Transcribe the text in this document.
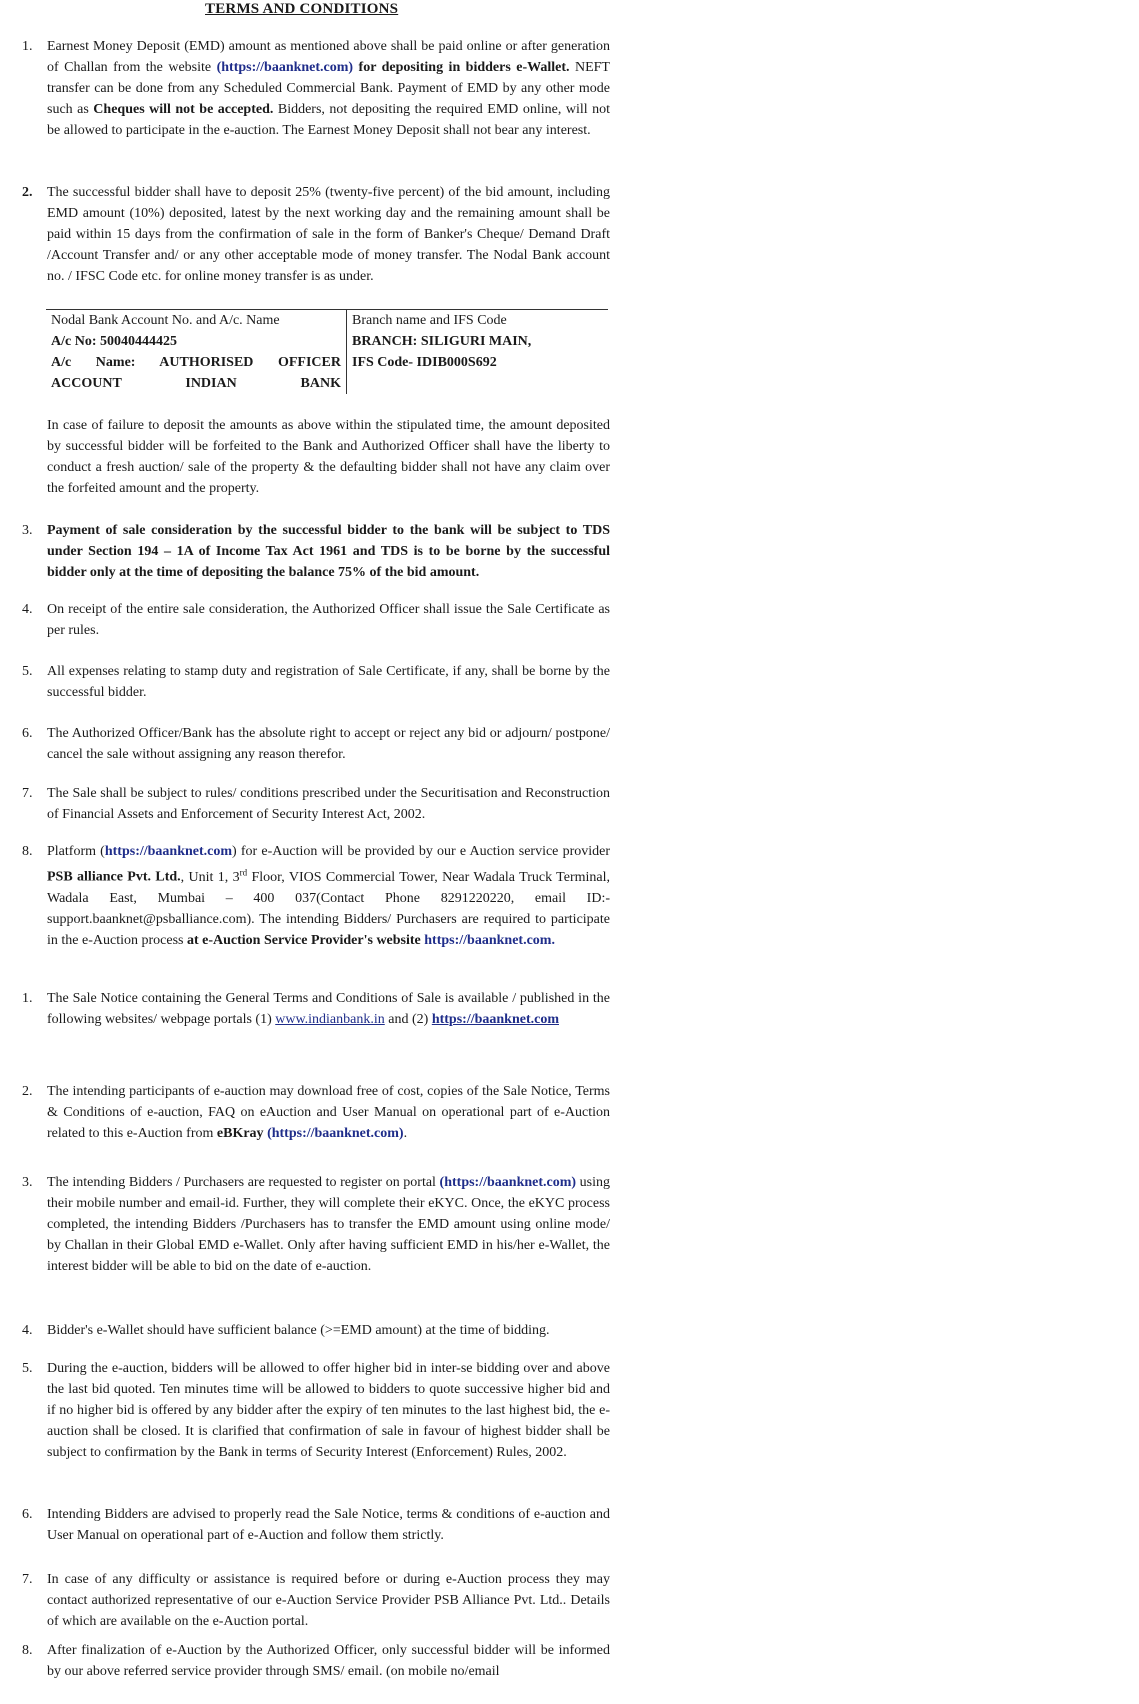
TERMS AND CONDITIONS
1.	Earnest Money Deposit (EMD) amount as mentioned above shall be paid online or after generation of Challan from the website (https://baanknet.com) for depositing in bidders e-Wallet. NEFT transfer can be done from any Scheduled Commercial Bank. Payment of EMD by any other mode such as Cheques will not be accepted. Bidders, not depositing the required EMD online, will not be allowed to participate in the e-auction. The Earnest Money Deposit shall not bear any interest.
2.	The successful bidder shall have to deposit 25% (twenty-five percent) of the bid amount, including EMD amount (10%) deposited, latest by the next working day and the remaining amount shall be paid within 15 days from the confirmation of sale in the form of Banker's Cheque/ Demand Draft /Account Transfer and/ or any other acceptable mode of money transfer. The Nodal Bank account no. / IFSC Code etc. for online money transfer is as under.
3.	Payment of sale consideration by the successful bidder to the bank will be subject to TDS under Section 194 – 1A of Income Tax Act 1961 and TDS is to be borne by the successful bidder only at the time of depositing the balance 75% of the bid amount.
4.	On receipt of the entire sale consideration, the Authorized Officer shall issue the Sale Certificate as per rules.
5.	All expenses relating to stamp duty and registration of Sale Certificate, if any, shall be borne by the successful bidder.
6.	The Authorized Officer/Bank has the absolute right to accept or reject any bid or adjourn/ postpone/ cancel the sale without assigning any reason therefor.
7.	The Sale shall be subject to rules/ conditions prescribed under the Securitisation and Reconstruction of Financial Assets and Enforcement of Security Interest Act, 2002.
8.	Platform (https://baanknet.com) for e-Auction will be provided by our e Auction service provider PSB alliance Pvt. Ltd., Unit 1, 3rd Floor, VIOS Commercial Tower, Near Wadala Truck Terminal, Wadala East, Mumbai – 400 037(Contact Phone 8291220220, email ID:-support.baanknet@psballiance.com). The intending Bidders/ Purchasers are required to participate in the e-Auction process at e-Auction Service Provider's website https://baanknet.com.
1.	The Sale Notice containing the General Terms and Conditions of Sale is available / published in the following websites/ webpage portals (1) www.indianbank.in and (2) https://baanknet.com
2.	The intending participants of e-auction may download free of cost, copies of the Sale Notice, Terms & Conditions of e-auction, FAQ on eAuction and User Manual on operational part of e-Auction related to this e-Auction from eBKray (https://baanknet.com).
3.	The intending Bidders / Purchasers are requested to register on portal (https://baanknet.com) using their mobile number and email-id. Further, they will complete their eKYC. Once, the eKYC process completed, the intending Bidders /Purchasers has to transfer the EMD amount using online mode/ by Challan in their Global EMD e-Wallet. Only after having sufficient EMD in his/her e-Wallet, the interest bidder will be able to bid on the date of e-auction.
4.	Bidder's e-Wallet should have sufficient balance (>=EMD amount) at the time of bidding.
5.	During the e-auction, bidders will be allowed to offer higher bid in inter-se bidding over and above the last bid quoted. Ten minutes time will be allowed to bidders to quote successive higher bid and if no higher bid is offered by any bidder after the expiry of ten minutes to the last highest bid, the e-auction shall be closed. It is clarified that confirmation of sale in favour of highest bidder shall be subject to confirmation by the Bank in terms of Security Interest (Enforcement) Rules, 2002.
6.	Intending Bidders are advised to properly read the Sale Notice, terms & conditions of e-auction and User Manual on operational part of e-Auction and follow them strictly.
7.	In case of any difficulty or assistance is required before or during e-Auction process they may contact authorized representative of our e-Auction Service Provider PSB Alliance Pvt. Ltd.. Details of which are available on the e-Auction portal.
8.	After finalization of e-Auction by the Authorized Officer, only successful bidder will be informed by our above referred service provider through SMS/ email. (on mobile no/email
Nodal Bank Account No. and A/c. Name	Branch name and IFS Code
A/c No: 50040444425	BRANCH: SILIGURI MAIN,
A/c Name: AUTHORISED OFFICER ACCOUNT INDIAN BANK	IFS Code- IDIB000S692
In case of failure to deposit the amounts as above within the stipulated time, the amount deposited by successful bidder will be forfeited to the Bank and Authorized Officer shall have the liberty to conduct a fresh auction/ sale of the property & the defaulting bidder shall not have any claim over the forfeited amount and the property.
